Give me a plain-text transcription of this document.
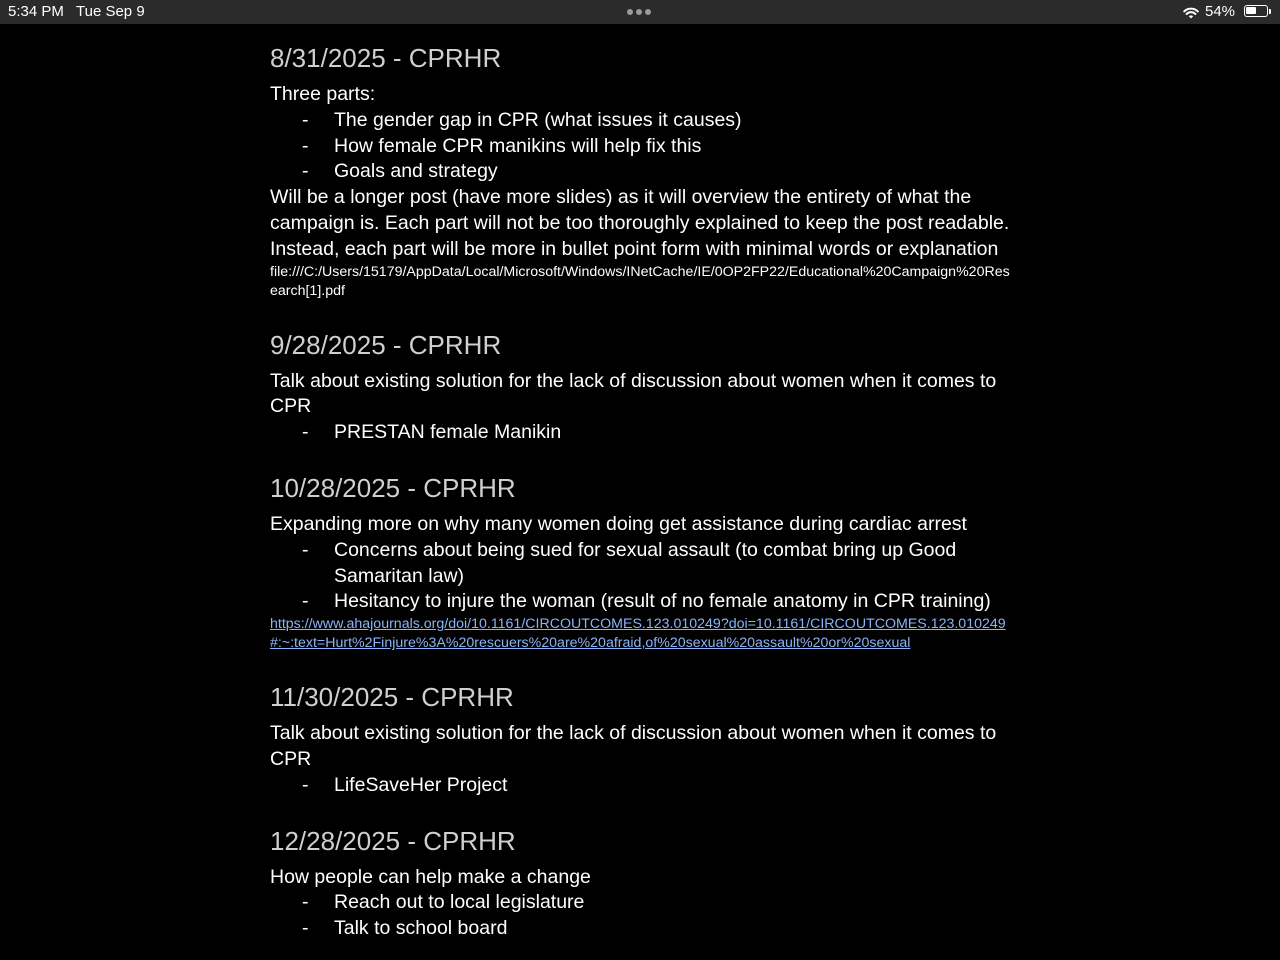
5:34 PM Tue Sep 9	54%
8/31/2025 - CPRHR

Three parts:

- The gender gap in CPR (what issues it causes)
- How female CPR manikins will help fix this
- Goals and strategy

Will be a longer post (have more slides) as it will overview the entirety of what the campaign is. Each part will not be too thoroughly explained to keep the post readable. Instead, each part will be more in bullet point form with minimal words or explanation

file:///C:/Users/15179/AppData/Local/Microsoft/Windows/INetCache/IE/0OP2FP22/Educational%20Campaign%20Research[1].pdf

9/28/2025 - CPRHR

Talk about existing solution for the lack of discussion about women when it comes to CPR

- PRESTAN female Manikin
10/28/2025 - CPRHR

Expanding more on why many women doing get assistance during cardiac arrest

- Concerns about being sued for sexual assault (to combat bring up Good Samaritan law)
- Hesitancy to injure the woman (result of no female anatomy in CPR training)

https://www.ahajournals.org/doi/10.1161/CIRCOUTCOMES.123.010249?doi=10.1161/CIRCOUTCOMES.123.010249#:~:text=Hurt%2Finjure%3A%20rescuers%20are%20afraid,of%20sexual%20assault%20or%20sexual

11/30/2025 - CPRHR

Talk about existing solution for the lack of discussion about women when it comes to CPR

- LifeSaveHer Project
12/28/2025 - CPRHR

How people can help make a change

- Reach out to local legislature
- Talk to school board
